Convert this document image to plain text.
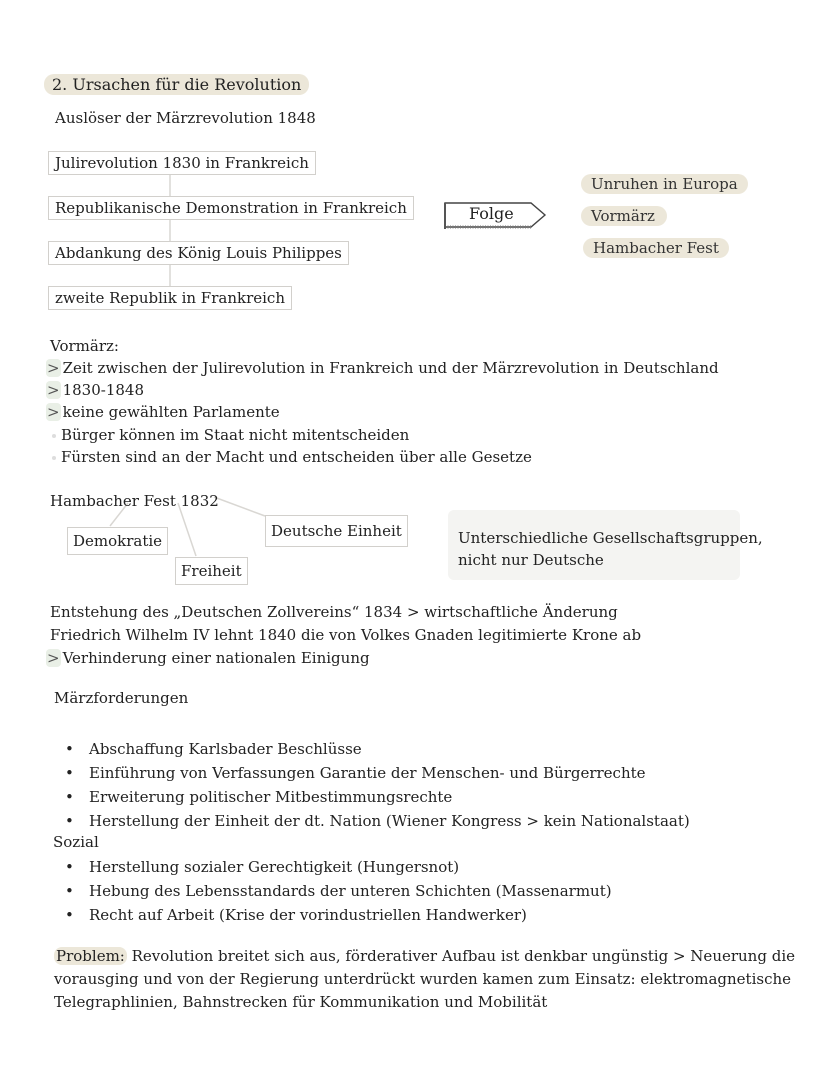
2. Ursachen für die Revolution
Auslöser der Märzrevolution 1848
Julirevolution 1830 in Frankreich
Republikanische Demonstration in Frankreich
Abdankung des König Louis Philippes
zweite Republik in Frankreich
Folge
Unruhen in Europa
Vormärz
Hambacher Fest
Vormärz:
> Zeit zwischen der Julirevolution in Frankreich und der Märzrevolution in Deutschland
> 1830-1848
> keine gewählten Parlamente
Bürger können im Staat nicht mitentscheiden
Fürsten sind an der Macht und entscheiden über alle Gesetze
Hambacher Fest 1832
Demokratie
Freiheit
Deutsche Einheit	Unterschiedliche Gesellschaftsgruppen,
nicht nur Deutsche
Entstehung des „Deutschen Zollvereins“ 1834 > wirtschaftliche Änderung
Friedrich Wilhelm IV lehnt 1840 die von Volkes Gnaden legitimierte Krone ab
> Verhinderung einer nationalen Einigung
Märzforderungen
• Abschaffung Karlsbader Beschlüsse
• Einführung von Verfassungen Garantie der Menschen- und Bürgerrechte
• Erweiterung politischer Mitbestimmungsrechte
• Herstellung der Einheit der dt. Nation (Wiener Kongress > kein Nationalstaat)
Sozial
• Herstellung sozialer Gerechtigkeit (Hungersnot)
• Hebung des Lebensstandards der unteren Schichten (Massenarmut)
• Recht auf Arbeit (Krise der vorindustriellen Handwerker)
Problem: Revolution breitet sich aus, förderativer Aufbau ist denkbar ungünstig > Neuerung die
vorausging und von der Regierung unterdrückt wurden kamen zum Einsatz: elektromagnetische
Telegraphlinien, Bahnstrecken für Kommunikation und Mobilität
